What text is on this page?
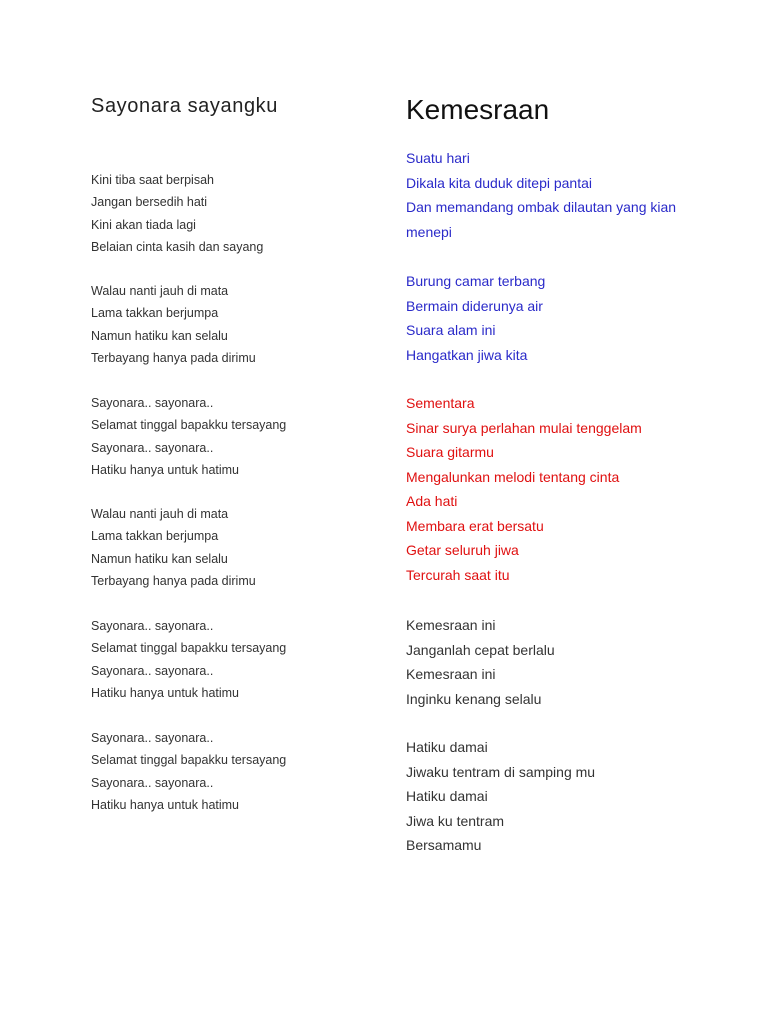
Sayonara sayangku
Kini tiba saat berpisah
Jangan bersedih hati
Kini akan tiada lagi
Belaian cinta kasih dan sayang
Walau nanti jauh di mata
Lama takkan berjumpa
Namun hatiku kan selalu
Terbayang hanya pada dirimu
Sayonara.. sayonara..
Selamat tinggal bapakku tersayang
Sayonara.. sayonara..
Hatiku hanya untuk hatimu
Walau nanti jauh di mata
Lama takkan berjumpa
Namun hatiku kan selalu
Terbayang hanya pada dirimu
Sayonara.. sayonara..
Selamat tinggal bapakku tersayang
Sayonara.. sayonara..
Hatiku hanya untuk hatimu
Sayonara.. sayonara..
Selamat tinggal bapakku tersayang
Sayonara.. sayonara..
Hatiku hanya untuk hatimu
Kemesraan
Suatu hari
Dikala kita duduk ditepi pantai
Dan memandang ombak dilautan yang kian menepi
Burung camar terbang
Bermain diderunya air
Suara alam ini
Hangatkan jiwa kita
Sementara
Sinar surya perlahan mulai tenggelam
Suara gitarmu
Mengalunkan melodi tentang cinta
Ada hati
Membara erat bersatu
Getar seluruh jiwa
Tercurah saat itu
Kemesraan ini
Janganlah cepat berlalu
Kemesraan ini
Inginku kenang selalu
Hatiku damai
Jiwaku tentram di samping mu
Hatiku damai
Jiwa ku tentram
Bersamamu
